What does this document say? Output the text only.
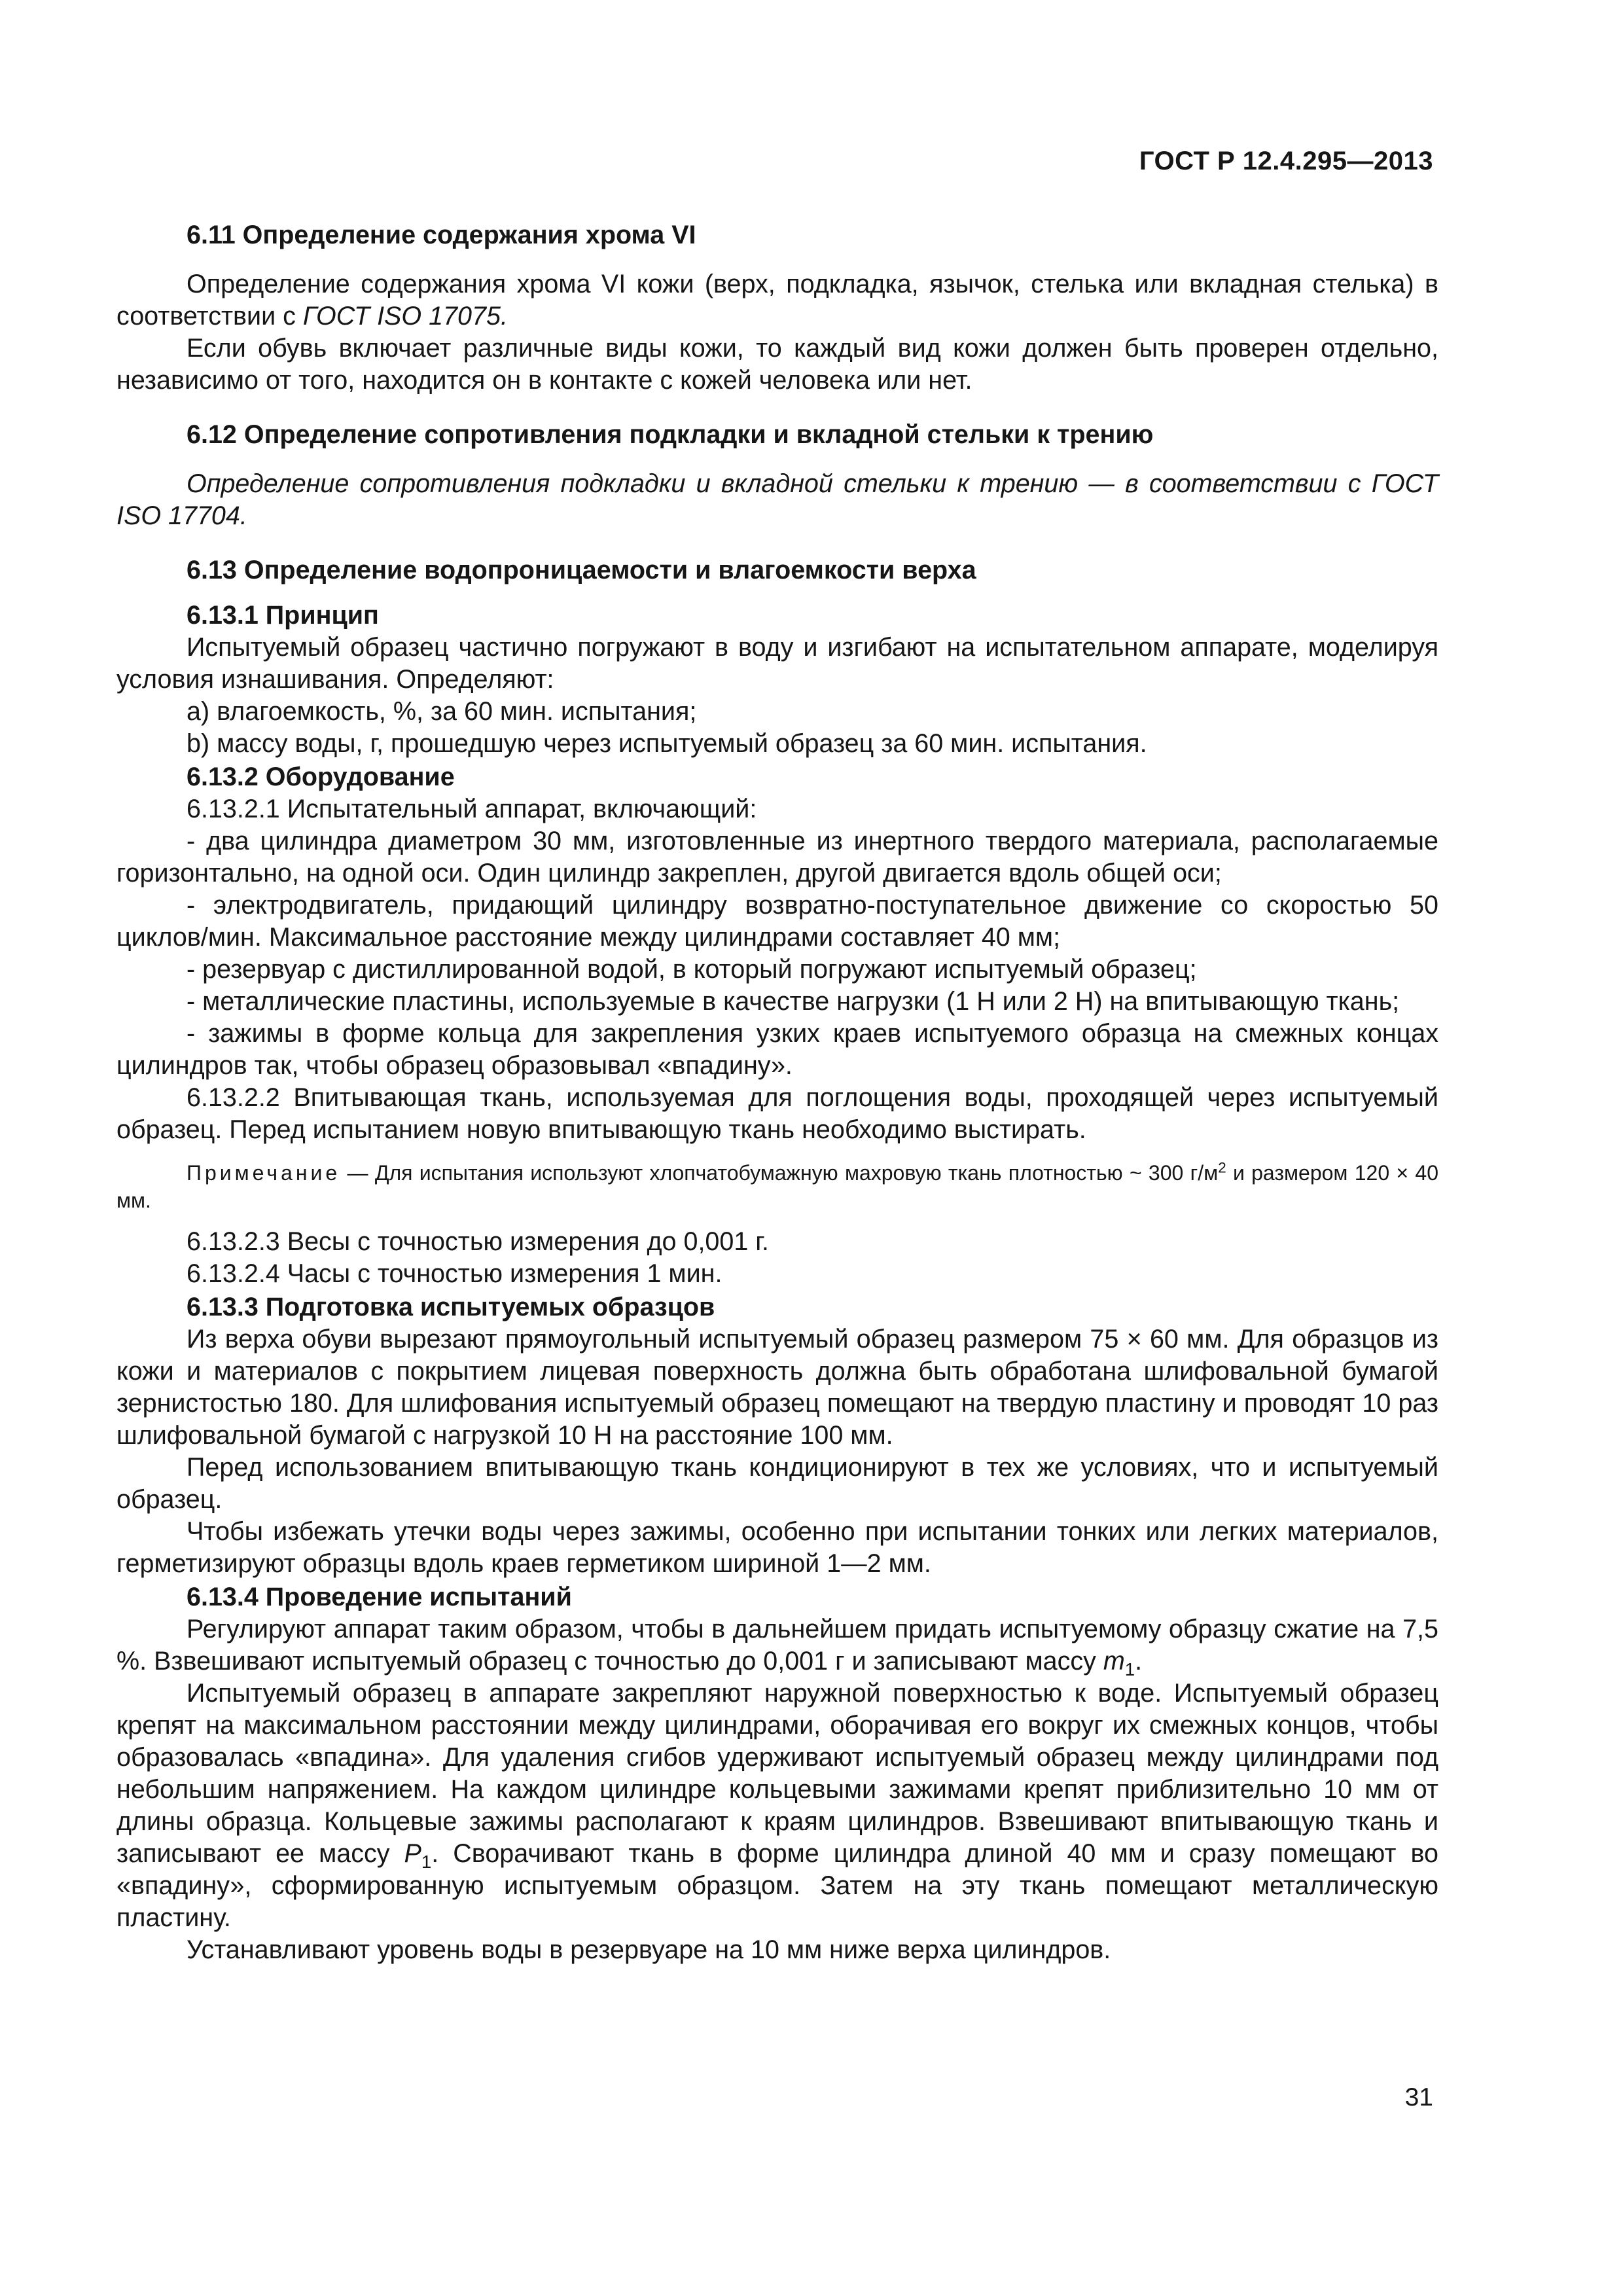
ГОСТ Р 12.4.295—2013

6.11 Определение содержания хрома VI

Определение содержания хрома VI кожи (верх, подкладка, язычок, стелька или вкладная стелька) в соответствии с ГОСТ ISO 17075.

Если обувь включает различные виды кожи, то каждый вид кожи должен быть проверен отдельно, независимо от того, находится он в контакте с кожей человека или нет.

6.12 Определение сопротивления подкладки и вкладной стельки к трению

Определение сопротивления подкладки и вкладной стельки к трению — в соответствии с ГОСТ ISO 17704.

6.13 Определение водопроницаемости и влагоемкости верха

6.13.1 Принцип

Испытуемый образец частично погружают в воду и изгибают на испытательном аппарате, моделируя условия изнашивания. Определяют:

a) влагоемкость, %, за 60 мин. испытания;

b) массу воды, г, прошедшую через испытуемый образец за 60 мин. испытания.

6.13.2 Оборудование

6.13.2.1 Испытательный аппарат, включающий:

- два цилиндра диаметром 30 мм, изготовленные из инертного твердого материала, располагаемые горизонтально, на одной оси. Один цилиндр закреплен, другой двигается вдоль общей оси;

- электродвигатель, придающий цилиндру возвратно-поступательное движение со скоростью 50 циклов/мин. Максимальное расстояние между цилиндрами составляет 40 мм;

- резервуар с дистиллированной водой, в который погружают испытуемый образец;

- металлические пластины, используемые в качестве нагрузки (1 Н или 2 Н) на впитывающую ткань;

- зажимы в форме кольца для закрепления узких краев испытуемого образца на смежных концах цилиндров так, чтобы образец образовывал «впадину».

6.13.2.2 Впитывающая ткань, используемая для поглощения воды, проходящей через испытуемый образец. Перед испытанием новую впитывающую ткань необходимо выстирать.

Примечание — Для испытания используют хлопчатобумажную махровую ткань плотностью ~ 300 $г/м^2$ и размером 120 × 40 мм.

6.13.2.3 Весы с точностью измерения до 0,001 г.

6.13.2.4 Часы с точностью измерения 1 мин.

6.13.3 Подготовка испытуемых образцов

Из верха обуви вырезают прямоугольный испытуемый образец размером 75 × 60 мм. Для образцов из кожи и материалов с покрытием лицевая поверхность должна быть обработана шлифовальной бумагой зернистостью 180. Для шлифования испытуемый образец помещают на твердую пластину и проводят 10 раз шлифовальной бумагой с нагрузкой 10 Н на расстояние 100 мм.

Перед использованием впитывающую ткань кондиционируют в тех же условиях, что и испытуемый образец.

Чтобы избежать утечки воды через зажимы, особенно при испытании тонких или легких материалов, герметизируют образцы вдоль краев герметиком шириной 1—2 мм.

6.13.4 Проведение испытаний

Регулируют аппарат таким образом, чтобы в дальнейшем придать испытуемому образцу сжатие на 7,5 %. Взвешивают испытуемый образец с точностью до 0,001 г и записывают массу $m_1$.

Испытуемый образец в аппарате закрепляют наружной поверхностью к воде. Испытуемый образец крепят на максимальном расстоянии между цилиндрами, оборачивая его вокруг их смежных концов, чтобы образовалась «впадина». Для удаления сгибов удерживают испытуемый образец между цилиндрами под небольшим напряжением. На каждом цилиндре кольцевыми зажимами крепят приблизительно 10 мм от длины образца. Кольцевые зажимы располагают к краям цилиндров. Взвешивают впитывающую ткань и записывают ее массу $P_1$. Сворачивают ткань в форме цилиндра длиной 40 мм и сразу помещают во «впадину», сформированную испытуемым образцом. Затем на эту ткань помещают металлическую пластину.

Устанавливают уровень воды в резервуаре на 10 мм ниже верха цилиндров.

31
